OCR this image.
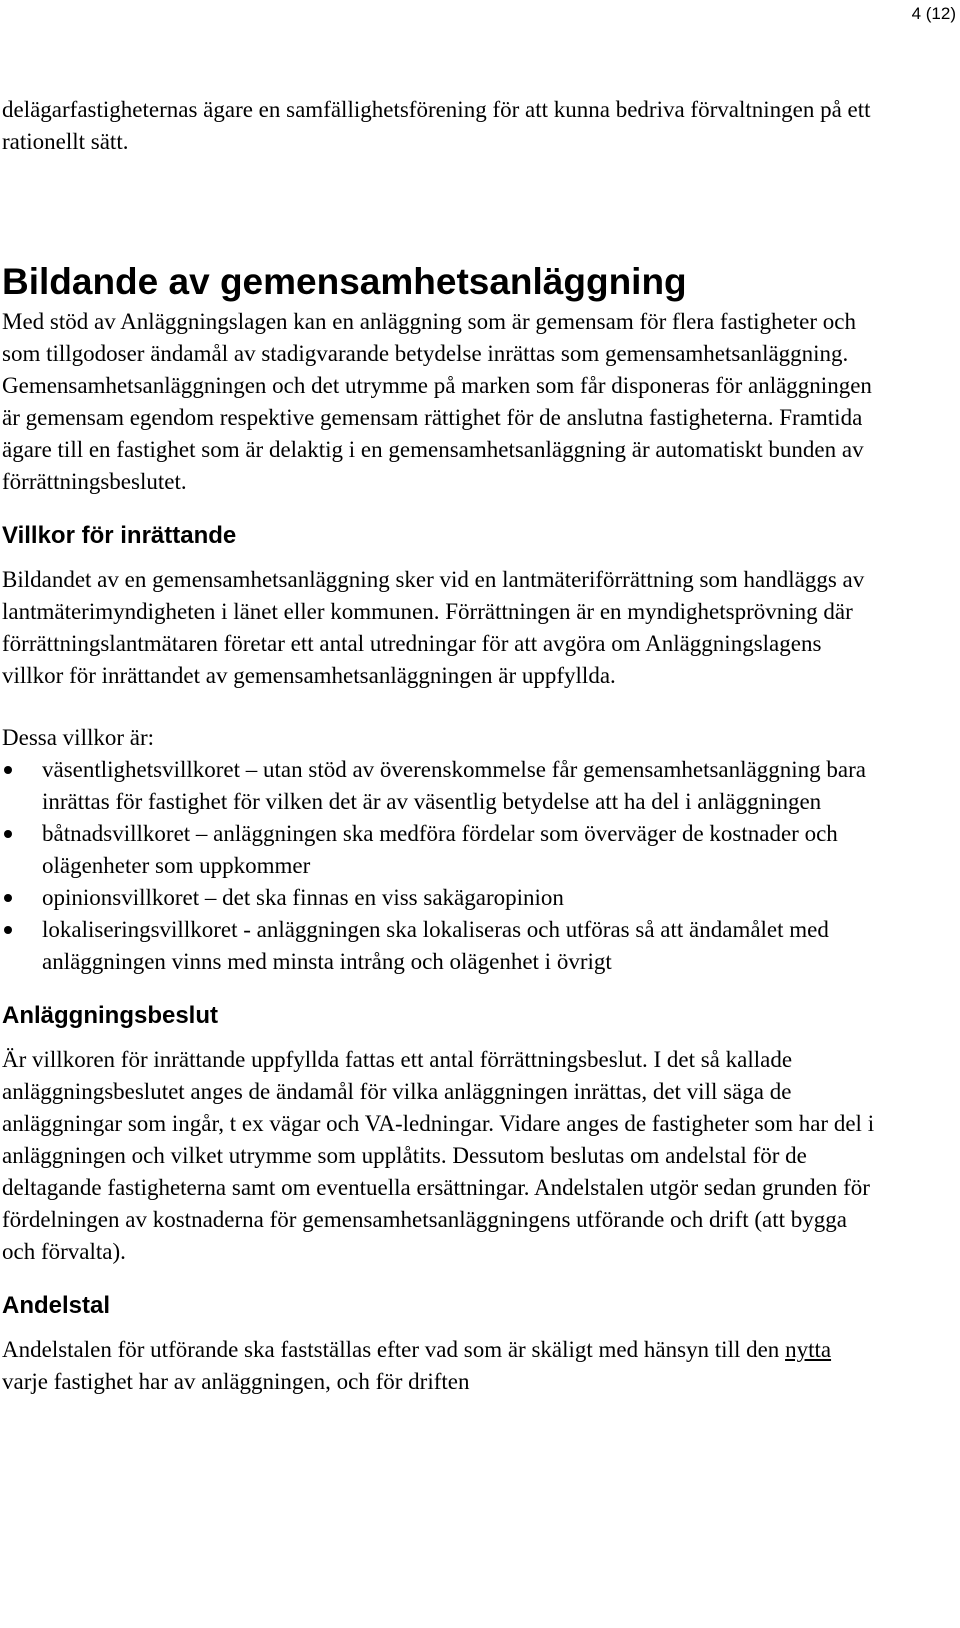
4 (12)

delägarfastigheternas ägare en samfällighetsförening för att kunna bedriva förvaltningen på ett rationellt sätt.

Bildande av gemensamhetsanläggning

Med stöd av Anläggningslagen kan en anläggning som är gemensam för flera fastigheter och som tillgodoser ändamål av stadigvarande betydelse inrättas som gemensamhetsanläggning. Gemensamhetsanläggningen och det utrymme på marken som får disponeras för anläggningen är gemensam egendom respektive gemensam rättighet för de anslutna fastigheterna. Framtida ägare till en fastighet som är delaktig i en gemensamhetsanläggning är automatiskt bunden av förrättningsbeslutet.

Villkor för inrättande

Bildandet av en gemensamhetsanläggning sker vid en lantmäteriförrättning som handläggs av lantmäterimyndigheten i länet eller kommunen. Förrättningen är en myndighetsprövning där förrättningslantmätaren företar ett antal utredningar för att avgöra om Anläggningslagens villkor för inrättandet av gemensamhetsanläggningen är uppfyllda.

Dessa villkor är:

väsentlighetsvillkoret – utan stöd av överenskommelse får gemensamhetsanläggning bara inrättas för fastighet för vilken det är av väsentlig betydelse att ha del i anläggningen
båtnadsvillkoret – anläggningen ska medföra fördelar som överväger de kostnader och olägenheter som uppkommer
opinionsvillkoret – det ska finnas en viss sakägaropinion
lokaliseringsvillkoret - anläggningen ska lokaliseras och utföras så att ändamålet med anläggningen vinns med minsta intrång och olägenhet i övrigt
Anläggningsbeslut

Är villkoren för inrättande uppfyllda fattas ett antal förrättningsbeslut. I det så kallade anläggningsbeslutet anges de ändamål för vilka anläggningen inrättas, det vill säga de anläggningar som ingår, t ex vägar och VA-ledningar. Vidare anges de fastigheter som har del i anläggningen och vilket utrymme som upplåtits. Dessutom beslutas om andelstal för de deltagande fastigheterna samt om eventuella ersättningar. Andelstalen utgör sedan grunden för fördelningen av kostnaderna för gemensamhetsanläggningens utförande och drift (att bygga och förvalta).

Andelstal

Andelstalen för utförande ska fastställas efter vad som är skäligt med hänsyn till den nytta varje fastighet har av anläggningen, och för driften
